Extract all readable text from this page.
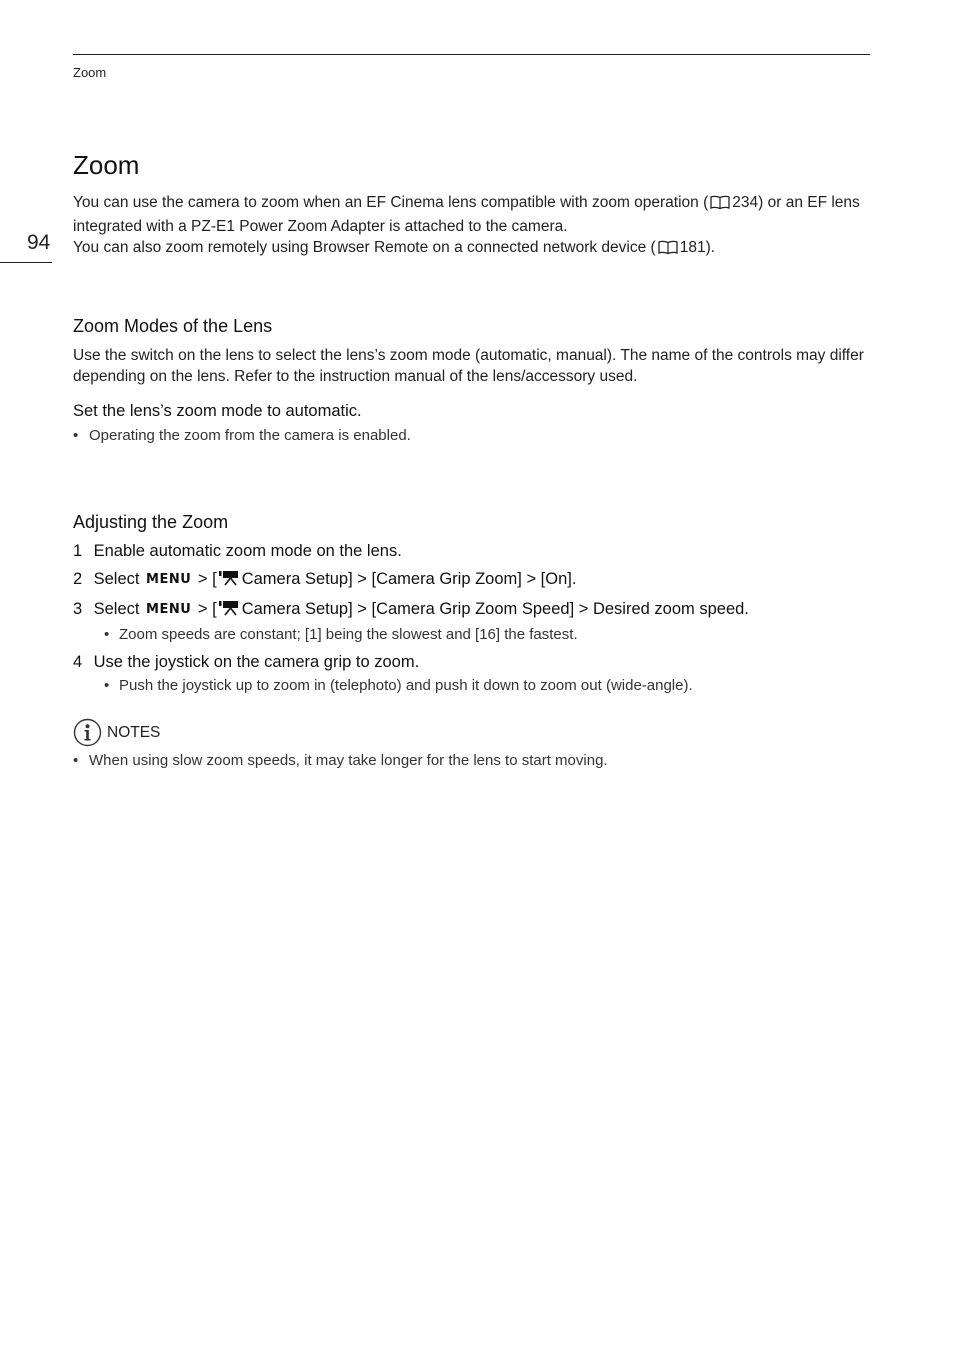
Zoom
94
Zoom

You can use the camera to zoom when an EF Cinema lens compatible with zoom operation ( 234) or an EF lens integrated with a PZ-E1 Power Zoom Adapter is attached to the camera.

You can also zoom remotely using Browser Remote on a connected network device ( 181).

Zoom Modes of the Lens

Use the switch on the lens to select the lens’s zoom mode (automatic, manual). The name of the controls may differ depending on the lens. Refer to the instruction manual of the lens/accessory used.

Set the lens’s zoom mode to automatic.
• Operating the zoom from the camera is enabled.
Adjusting the Zoom
1 Enable automatic zoom mode on the lens.
2 Select MENU > [ Camera Setup] > [Camera Grip Zoom] > [On].
3 Select MENU > [ Camera Setup] > [Camera Grip Zoom Speed] > Desired zoom speed.
• Zoom speeds are constant; [1] being the slowest and [16] the fastest.
4 Use the joystick on the camera grip to zoom.
• Push the joystick up to zoom in (telephoto) and push it down to zoom out (wide-angle).
NOTES
• When using slow zoom speeds, it may take longer for the lens to start moving.
